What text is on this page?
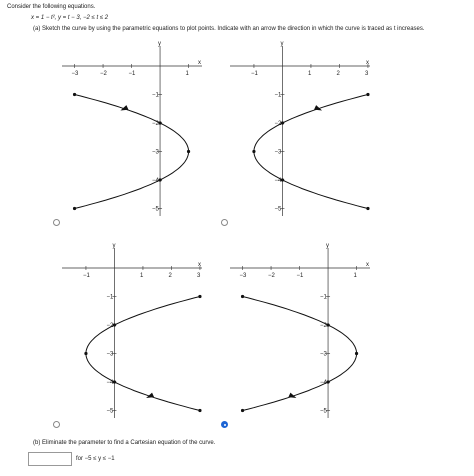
Consider the following equations.
x = 1 − t², y = t − 3, −2 ≤ t ≤ 2
(a) Sketch the curve by using the parametric equations to plot points. Indicate with an arrow the direction in which the curve is traced as t increases.
x
y
−3	−2	−1	1
−1
−2
−3
−4
−5
x
y
−1	1	2	3
−1
−2
−3
−4
−5
x
y
−1	1	2	3
−1
−2
−3
−4
−5
x
y
−3	−2	−1	1
−1
−2
−3
−4
−5
(b) Eliminate the parameter to find a Cartesian equation of the curve.
for −5 ≤ y ≤ −1
